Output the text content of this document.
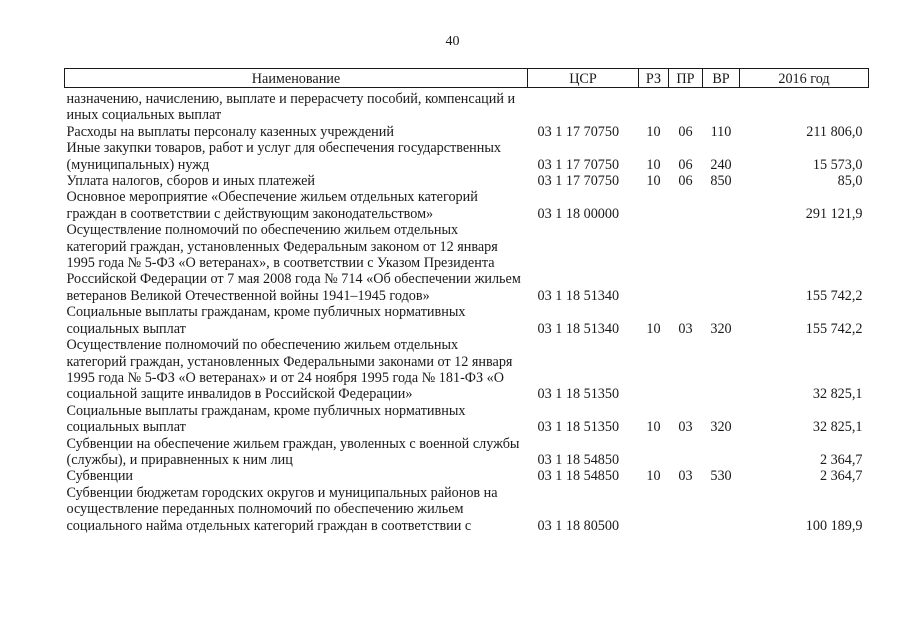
40
Наименование	ЦСР	РЗ	ПР	ВР	2016 год
назначению, начислению, выплате и перерасчету пособий, компенсаций и иных социальных выплат					
Расходы на выплаты персоналу казенных учреждений	03 1 17 70750	10	06	110	211 806,0
Иные закупки товаров, работ и услуг для обеспечения государственных (муниципальных) нужд	03 1 17 70750	10	06	240	15 573,0
Уплата налогов, сборов и иных платежей	03 1 17 70750	10	06	850	85,0
Основное мероприятие «Обеспечение жильем отдельных категорий граждан в соответствии с действующим законодательством»	03 1 18 00000				291 121,9
Осуществление полномочий по обеспечению жильем отдельных категорий граждан, установленных Федеральным законом от 12 января 1995 года № 5-ФЗ «О ветеранах», в соответствии с Указом Президента Российской Федерации от 7 мая 2008 года № 714 «Об обеспечении жильем ветеранов Великой Отечественной войны 1941–1945 годов»	03 1 18 51340				155 742,2
Социальные выплаты гражданам, кроме публичных нормативных социальных выплат	03 1 18 51340	10	03	320	155 742,2
Осуществление полномочий по обеспечению жильем отдельных категорий граждан, установленных Федеральными законами от 12 января 1995 года № 5-ФЗ «О ветеранах» и от 24 ноября 1995 года № 181-ФЗ «О социальной защите инвалидов в Российской Федерации»	03 1 18 51350				32 825,1
Социальные выплаты гражданам, кроме публичных нормативных социальных выплат	03 1 18 51350	10	03	320	32 825,1
Субвенции на обеспечение жильем граждан, уволенных с военной службы (службы), и приравненных к ним лиц	03 1 18 54850				2 364,7
Субвенции	03 1 18 54850	10	03	530	2 364,7
Субвенции бюджетам городских округов и муниципальных районов на осуществление переданных полномочий по обеспечению жильем социального найма отдельных категорий граждан в соответствии с	03 1 18 80500				100 189,9
